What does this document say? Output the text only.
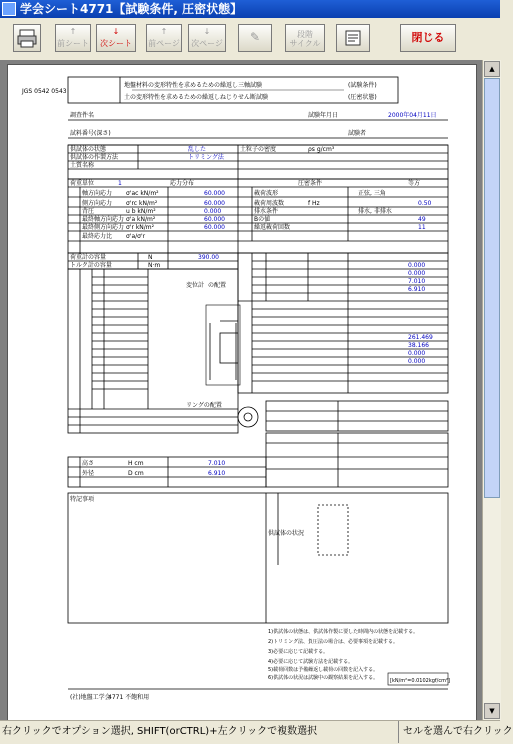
学会シート4771【試験条件, 圧密状態】
↑
前シート
↓
次シート
↑
前ページ
↓
次ページ	✎	段階
サイクル	閉じる
JGS 0542 0543
地盤材料の変形特性を求めるための繰返し三軸試験
土の変形特性を求めるための繰返しねじりせん断試験
(試験条件)
(圧密状態)
調査件名	試験年月日	2000年04月11日
試料番号(深さ)	試験者
供試体の状態	乱した
供試体の作製方法	トリミング法
土質名称
土粒子の密度	ρs g/cm³
荷重単位	1	応力分布	圧密条件	等方
軸方向応力 σ'ac kN/m²	60.000
側方向応力 σ'rc kN/m²	60.000
背圧	u b kN/m²	0.000
最終軸方向応力 σ'a kN/m²	60.000
最終側方向応力 σ'r kN/m²	60.000
最終応力比 σ'a/σ'r
載荷波形	正弦, 三角
載荷周波数	f Hz	0.50
排水条件	排水, 非排水
Bの値	49
繰返載荷回数	11
荷重計の容量	N	390.00
トルク計の容量	N·m
変位計 の配置
リングの配置
0.000
0.000
7.010
6.910
261.469
38.166
0.000
0.000
高さ	H cm	7.010
外径	D cm	6.910
特記事項
供試体の状況
1)供試体の状態は、供試体作製に要した時間内の状態を記載する。
2)トリミング法、負圧法の場合は、必要事項を記載する。
3)必要に応じて記載する。
4)必要に応じて試験方法を記載する。
5)載荷回数は予備繰返し載荷の回数を記入する。
6)供試体の状況は試験中の観察結果を記入する。 [kN/m²=0.0102kgf/cm²]
(社)地盤工学会
4771 不飽和用
▲
▼
右クリックでオプション選択, SHIFT(orCTRL)+左クリックで複数選択	セルを選んで右クリック
